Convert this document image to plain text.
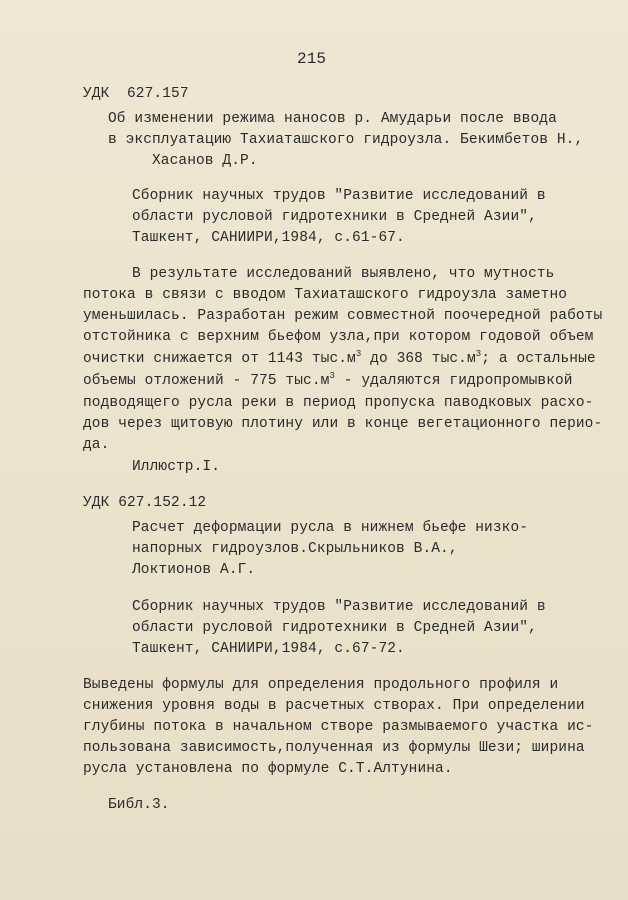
215
УДК  627.157
Об изменении режима наносов р. Амударьи после ввода
в эксплуатацию Тахиаташского гидроузла. Бекимбетов Н.,
Хасанов Д.Р.
Сборник научных трудов "Развитие исследований в
области русловой гидротехники в Средней Азии",
Ташкент, САНИИРИ,1984, с.61-67.
В результате исследований выявлено, что мутность
потока в связи с вводом Тахиаташского гидроузла заметно
уменьшилась. Разработан режим совместной поочередной работы
отстойника с верхним бьефом узла,при котором годовой объем
очистки снижается от 1143 $тыс.м^3$ до 368 $тыс.м^3$; а остальные
объемы отложений - 775 $тыс.м^3$ - удаляются гидропромывкой
подводящего русла реки в период пропуска паводковых расхо-
дов через щитовую плотину или в конце вегетационного перио-
да.
Иллюстр.I.
УДК 627.152.12
Расчет деформации русла в нижнем бьефе низко-
напорных гидроузлов.Скрыльников В.А.,
Локтионов А.Г.
Сборник научных трудов "Развитие исследований в
области русловой гидротехники в Средней Азии",
Ташкент, САНИИРИ,1984, с.67-72.
Выведены формулы для определения продольного профиля и
снижения уровня воды в расчетных створах. При определении
глубины потока в начальном створе размываемого участка ис-
пользована зависимость,полученная из формулы Шези; ширина
русла установлена по формуле С.Т.Алтунина.
Библ.3.
